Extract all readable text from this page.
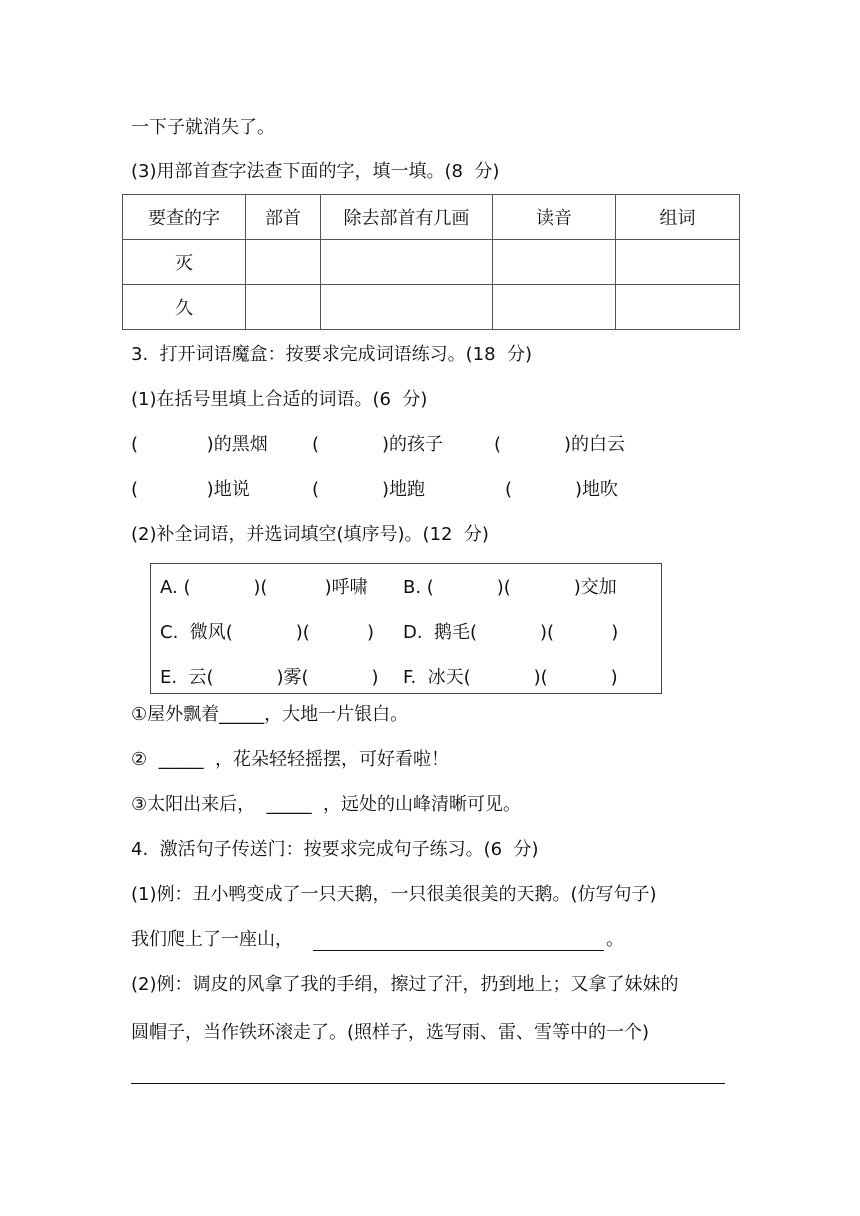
一下子就消失了。
(3)用部首查字法查下面的字，填一填。(8  分)
要查的字	部首	除去部首有几画	读音	组词
灭				
久				
3.  打开词语魔盒：按要求完成词语练习。(18  分)
(1)在括号里填上合适的词语。(6  分)
(            )的黑烟 (           )的孩子	(           )的白云
(            )地说	(           )地跑	(           )地吹
(2)补全词语，并选词填空(填序号)。(12  分)
A. (           )(          )呼啸 B. (           )(           )交加
C.  微风(           )(          ) D.  鹅毛(           )(          )
E.  云(           )雾(           ) F.  冰天(           )(           )
①屋外飘着_____，大地一片银白。
②  _____  ，花朵轻轻摇摆，可好看啦！
③太阳出来后，  _____  ，远处的山峰清晰可见。
4.  激活句子传送门：按要求完成句子练习。(6  分)
(1)例：丑小鸭变成了一只天鹅，一只很美很美的天鹅。(仿写句子)
我们爬上了一座山，	。
(2)例：调皮的风拿了我的手绢，擦过了汗，扔到地上；又拿了妹妹的
圆帽子，当作铁环滚走了。(照样子，选写雨、雷、雪等中的一个)
